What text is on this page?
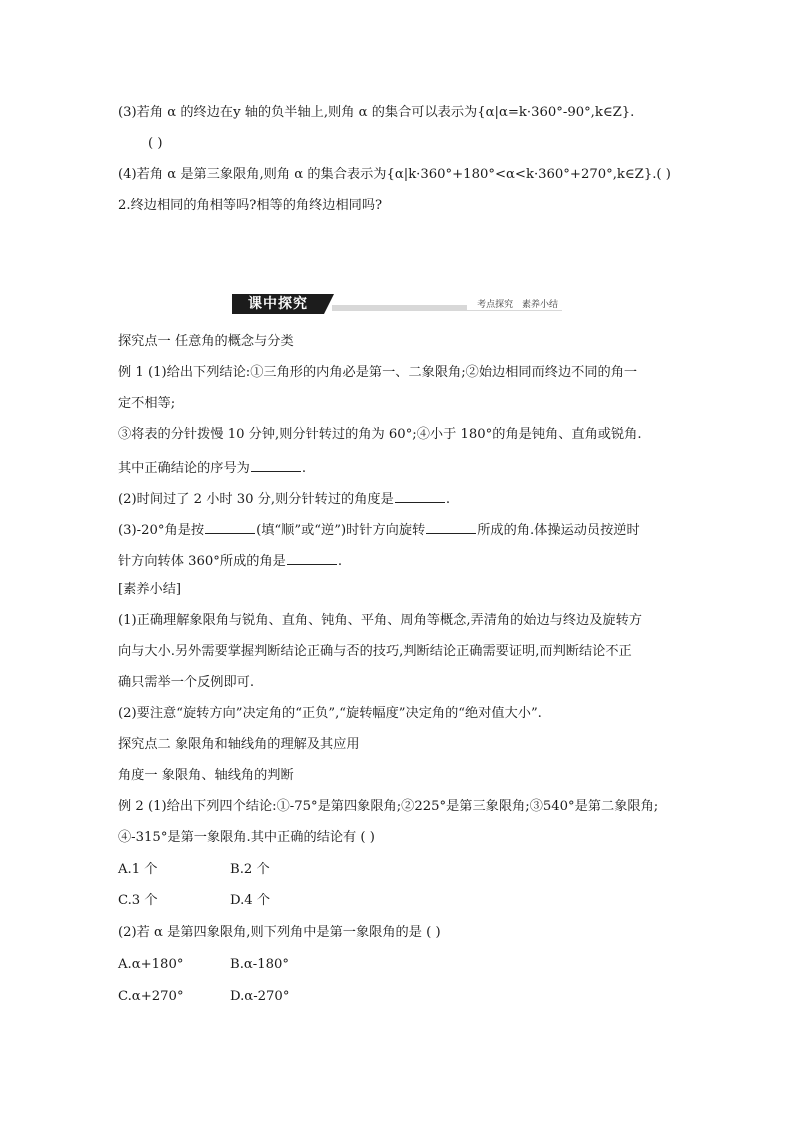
(3)若角 α 的终边在y 轴的负半轴上,则角 α 的集合可以表示为{α|α=k·360°-90°,k∈Z}.
( )
(4)若角 α 是第三象限角,则角 α 的集合表示为{α|k·360°+180°<α<k·360°+270°,k∈Z}.( )
2.终边相同的角相等吗?相等的角终边相同吗?
课中探究	考点探究 素养小结
探究点一 任意角的概念与分类
例 1 (1)给出下列结论:①三角形的内角必是第一、二象限角;②始边相同而终边不同的角一
定不相等;
③将表的分针拨慢 10 分钟,则分针转过的角为 60°;④小于 180°的角是钝角、直角或锐角.
其中正确结论的序号为	.
(2)时间过了 2 小时 30 分,则分针转过的角度是	.
(3)-20°角是按	(填“顺”或“逆”)时针方向旋转	所成的角.体操运动员按逆时
针方向转体 360°所成的角是	.
[素养小结]
(1)正确理解象限角与锐角、直角、钝角、平角、周角等概念,弄清角的始边与终边及旋转方
向与大小.另外需要掌握判断结论正确与否的技巧,判断结论正确需要证明,而判断结论不正
确只需举一个反例即可.
(2)要注意“旋转方向”决定角的“正负”,“旋转幅度”决定角的“绝对值大小”.
探究点二 象限角和轴线角的理解及其应用
角度一 象限角、轴线角的判断
例 2 (1)给出下列四个结论:①-75°是第四象限角;②225°是第三象限角;③540°是第二象限角;
④-315°是第一象限角.其中正确的结论有 ( )
A.1 个	B.2 个
C.3 个	D.4 个
(2)若 α 是第四象限角,则下列角中是第一象限角的是 ( )
A.α+180°	B.α-180°
C.α+270°	D.α-270°
